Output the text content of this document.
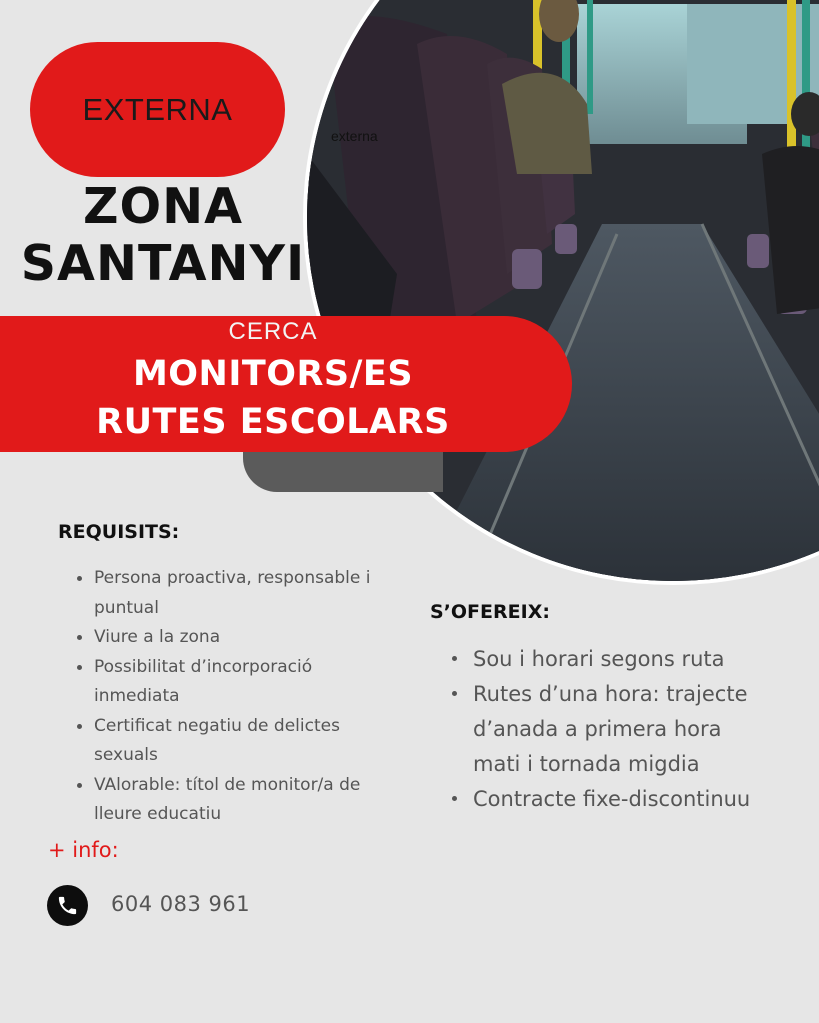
EXTERNA
externa
ZONA
SANTANYI
CERCA
MONITORS/ES
RUTES ESCOLARS
REQUISITS:
Persona proactiva, responsable i puntual
Viure a la zona
Possibilitat d’incorporació inmediata
Certificat negatiu de delictes sexuals
VAlorable: títol de monitor/a de lleure educatiu
S’OFEREIX:
Sou i horari segons ruta
Rutes d’una hora: trajecte d’anada a primera hora mati i tornada migdia
Contracte fixe-discontinuu
+ info:
604 083 961
